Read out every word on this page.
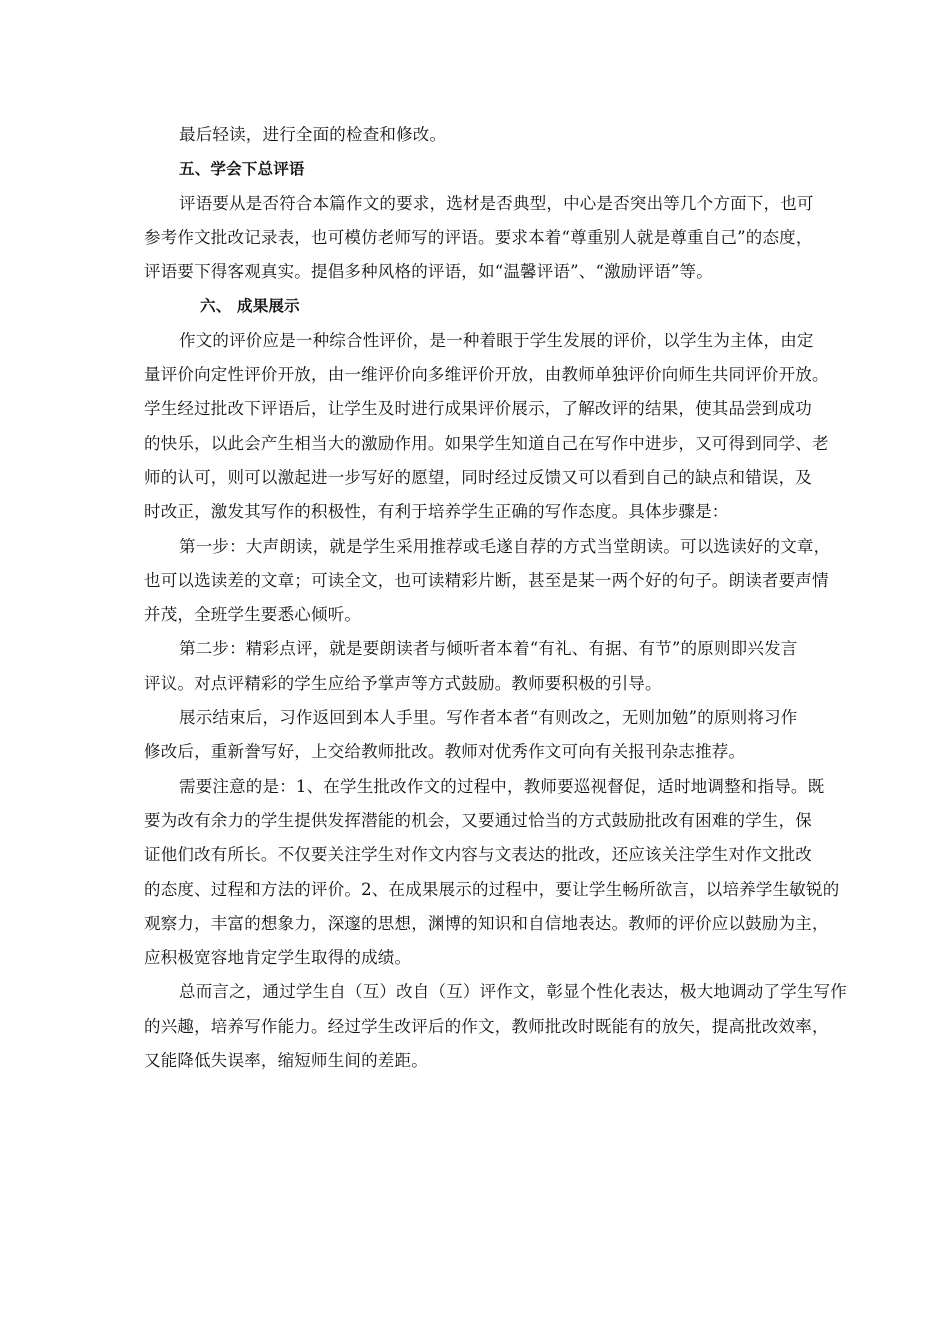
最后轻读，进行全面的检查和修改。
五、学会下总评语
评语要从是否符合本篇作文的要求，选材是否典型，中心是否突出等几个方面下，也可
参考作文批改记录表，也可模仿老师写的评语。要求本着“尊重别人就是尊重自己”的态度，
评语要下得客观真实。提倡多种风格的评语，如“温馨评语”、“激励评语”等。
六、 成果展示
作文的评价应是一种综合性评价，是一种着眼于学生发展的评价，以学生为主体，由定
量评价向定性评价开放，由一维评价向多维评价开放，由教师单独评价向师生共同评价开放。
学生经过批改下评语后，让学生及时进行成果评价展示，了解改评的结果，使其品尝到成功
的快乐，以此会产生相当大的激励作用。如果学生知道自己在写作中进步，又可得到同学、老
师的认可，则可以激起进一步写好的愿望，同时经过反馈又可以看到自己的缺点和错误，及
时改正，激发其写作的积极性，有利于培养学生正确的写作态度。具体步骤是：
第一步：大声朗读，就是学生采用推荐或毛遂自荐的方式当堂朗读。可以选读好的文章，
也可以选读差的文章；可读全文，也可读精彩片断，甚至是某一两个好的句子。朗读者要声情
并茂，全班学生要悉心倾听。
第二步：精彩点评，就是要朗读者与倾听者本着“有礼、有据、有节”的原则即兴发言
评议。对点评精彩的学生应给予掌声等方式鼓励。教师要积极的引导。
展示结束后，习作返回到本人手里。写作者本者“有则改之，无则加勉”的原则将习作
修改后，重新誊写好，上交给教师批改。教师对优秀作文可向有关报刊杂志推荐。
需要注意的是：1、在学生批改作文的过程中，教师要巡视督促，适时地调整和指导。既
要为改有余力的学生提供发挥潜能的机会，又要通过恰当的方式鼓励批改有困难的学生，保
证他们改有所长。不仅要关注学生对作文内容与文表达的批改，还应该关注学生对作文批改
的态度、过程和方法的评价。2、在成果展示的过程中，要让学生畅所欲言，以培养学生敏锐的
观察力，丰富的想象力，深邃的思想，渊博的知识和自信地表达。教师的评价应以鼓励为主，
应积极宽容地肯定学生取得的成绩。
总而言之，通过学生自（互）改自（互）评作文，彰显个性化表达，极大地调动了学生写作
的兴趣，培养写作能力。经过学生改评后的作文，教师批改时既能有的放矢，提高批改效率，
又能降低失误率，缩短师生间的差距。
